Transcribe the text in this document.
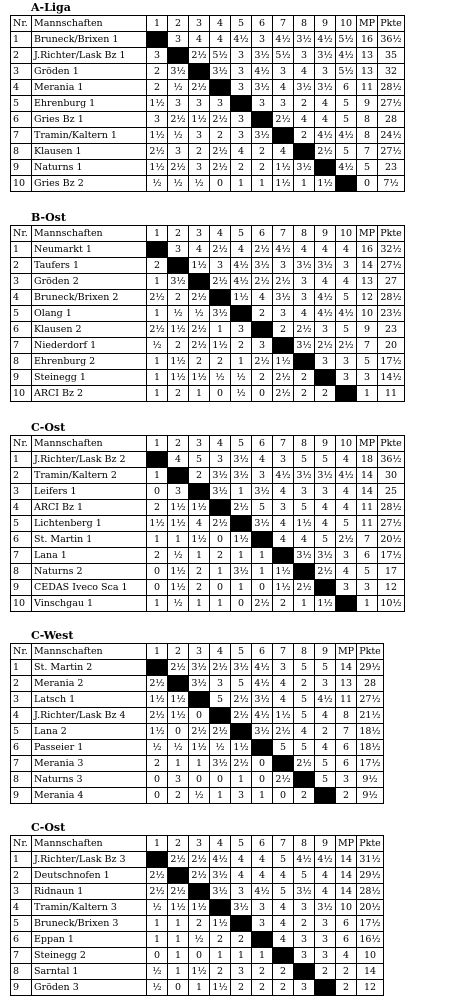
A-Liga
Nr.	Mannschaften	1	2	3	4	5	6	7	8	9	10	MP	Pkte
1	Bruneck/Brixen 1		3	4	4	4½	3	4½	3½	4½	5½	16	36½
2	J.Richter/Lask Bz 1	3		2½	5½	3	3½	5½	3	3½	4½	13	35
3	Gröden 1	2	3½		3½	3	4½	3	4	3	5½	13	32
4	Merania 1	2	½	2½		3	3½	4	3½	3½	6	11	28½
5	Ehrenburg 1	1½	3	3	3		3	3	2	4	5	9	27½
6	Gries Bz 1	3	2½	1½	2½	3		2½	4	4	5	8	28
7	Tramin/Kaltern 1	1½	½	3	2	3	3½		2	4½	4½	8	24½
8	Klausen 1	2½	3	2	2½	4	2	4		2½	5	7	27½
9	Naturns 1	1½	2½	3	2½	2	2	1½	3½		4½	5	23
10	Gries Bz 2	½	½	½	0	1	1	1½	1	1½		0	7½
B-Ost
Nr.	Mannschaften	1	2	3	4	5	6	7	8	9	10	MP	Pkte
1	Neumarkt 1		3	4	2½	4	2½	4½	4	4	4	16	32½
2	Taufers 1	2		1½	3	4½	3½	3	3½	3½	3	14	27½
3	Gröden 2	1	3½		2½	4½	2½	2½	3	4	4	13	27
4	Bruneck/Brixen 2	2½	2	2½		1½	4	3½	3	4½	5	12	28½
5	Olang 1	1	½	½	3½		2	3	4	4½	4½	10	23½
6	Klausen 2	2½	1½	2½	1	3		2	2½	3	5	9	23
7	Niederdorf 1	½	2	2½	1½	2	3		3½	2½	2½	7	20
8	Ehrenburg 2	1	1½	2	2	1	2½	1½		3	3	5	17½
9	Steinegg 1	1	1½	1½	½	½	2	2½	2		3	3	14½
10	ARCI Bz 2	1	2	1	0	½	0	2½	2	2		1	11
C-Ost
Nr.	Mannschaften	1	2	3	4	5	6	7	8	9	10	MP	Pkte
1	J.Richter/Lask Bz 2		4	5	3	3½	4	3	5	5	4	18	36½
2	Tramin/Kaltern 2	1		2	3½	3½	3	4½	3½	3½	4½	14	30
3	Leifers 1	0	3		3½	1	3½	4	3	3	4	14	25
4	ARCI Bz 1	2	1½	1½		2½	5	3	5	4	4	11	28½
5	Lichtenberg 1	1½	1½	4	2½		3½	4	1½	4	5	11	27½
6	St. Martin 1	1	1	1½	0	1½		4	4	5	2½	7	20½
7	Lana 1	2	½	1	2	1	1		3½	3½	3	6	17½
8	Naturns 2	0	1½	2	1	3½	1	1½		2½	4	5	17
9	CEDAS Iveco Sca 1	0	1½	2	0	1	0	1½	2½		3	3	12
10	Vinschgau 1	1	½	1	1	0	2½	2	1	1½		1	10½
C-West
Nr.	Mannschaften	1	2	3	4	5	6	7	8	9	MP	Pkte
1	St. Martin 2		2½	3½	2½	3½	4½	3	5	5	14	29½
2	Merania 2	2½		3½	3	5	4½	4	2	3	13	28
3	Latsch 1	1½	1½		5	2½	3½	4	5	4½	11	27½
4	J.Richter/Lask Bz 4	2½	1½	0		2½	4½	1½	5	4	8	21½
5	Lana 2	1½	0	2½	2½		3½	2½	4	2	7	18½
6	Passeier 1	½	½	1½	½	1½		5	5	4	6	18½
7	Merania 3	2	1	1	3½	2½	0		2½	5	6	17½
8	Naturns 3	0	3	0	0	1	0	2½		5	3	9½
9	Merania 4	0	2	½	1	3	1	0	2		2	9½
C-Ost
Nr.	Mannschaften	1	2	3	4	5	6	7	8	9	MP	Pkte
1	J.Richter/Lask Bz 3		2½	2½	4½	4	4	5	4½	4½	14	31½
2	Deutschnofen 1	2½		2½	3½	4	4	4	5	4	14	29½
3	Ridnaun 1	2½	2½		3½	3	4½	5	3½	4	14	28½
4	Tramin/Kaltern 3	½	1½	1½		3½	3	4	3	3½	10	20½
5	Bruneck/Brixen 3	1	1	2	1½		3	4	2	3	6	17½
6	Eppan 1	1	1	½	2	2		4	3	3	6	16½
7	Steinegg 2	0	1	0	1	1	1		3	3	4	10
8	Sarntal 1	½	1	1½	2	3	2	2		2	2	14
9	Gröden 3	½	0	1	1½	2	2	2	3		2	12
